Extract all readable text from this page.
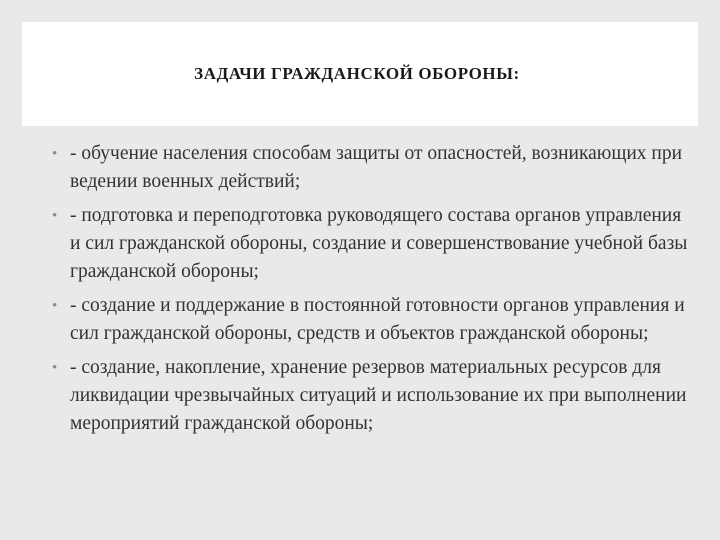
ЗАДАЧИ ГРАЖДАНСКОЙ ОБОРОНЫ:
• - обучение населения способам защиты от опасностей, возникающих при ведении военных действий;
• - подготовка и переподготовка руководящего состава органов управления и сил гражданской обороны, создание и совершенствование учебной базы гражданской обороны;
• - создание и поддержание в постоянной готовности органов управления и сил гражданской обороны, средств и объектов гражданской обороны;
• - создание, накопление, хранение резервов материальных ресурсов для ликвидации чрезвычайных ситуаций и использование их при выполнении мероприятий гражданской обороны;
